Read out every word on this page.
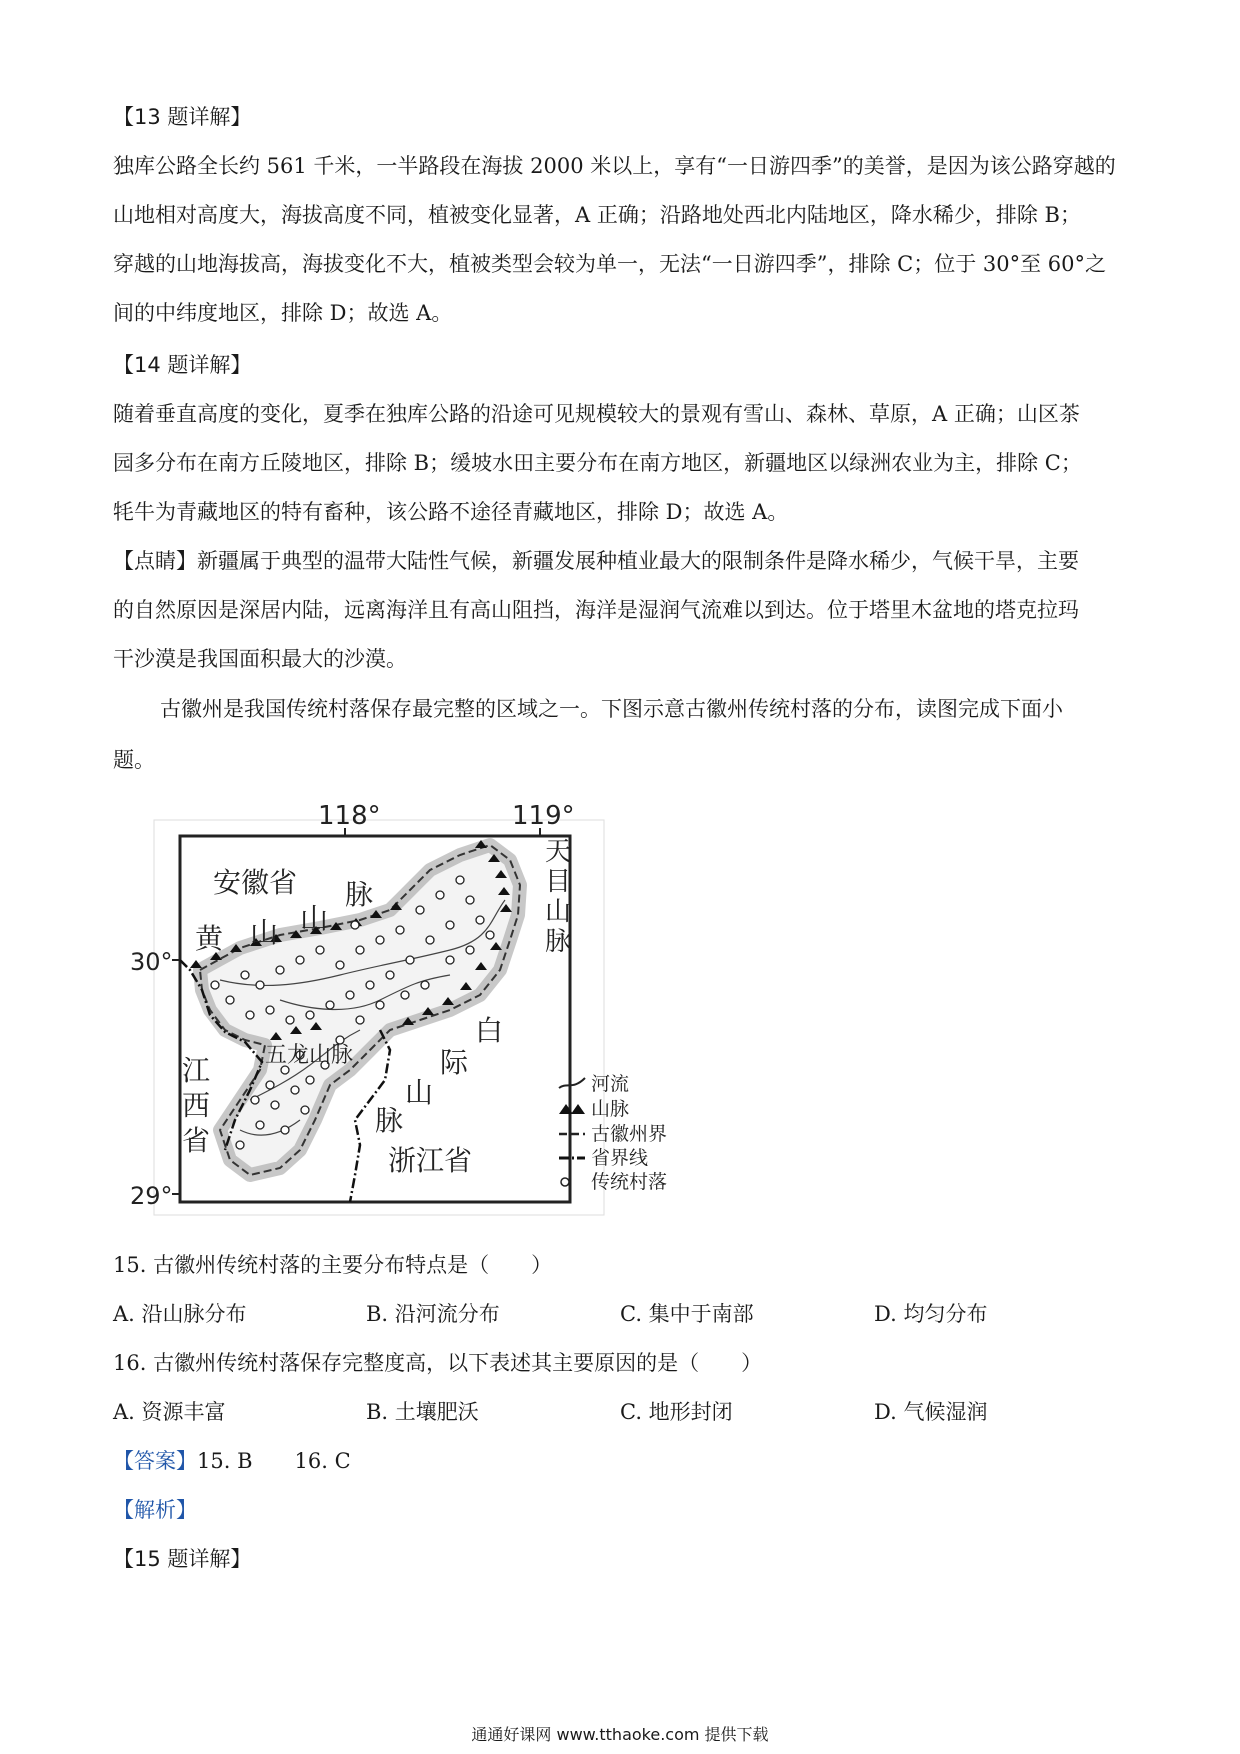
【13 题详解】
独库公路全长约 561 千米，一半路段在海拔 2000 米以上，享有“一日游四季”的美誉，是因为该公路穿越的
山地相对高度大，海拔高度不同，植被变化显著，A 正确；沿路地处西北内陆地区，降水稀少，排除 B；
穿越的山地海拔高，海拔变化不大，植被类型会较为单一，无法“一日游四季”，排除 C；位于 30°至 60°之
间的中纬度地区，排除 D；故选 A。
【14 题详解】
随着垂直高度的变化，夏季在独库公路的沿途可见规模较大的景观有雪山、森林、草原，A 正确；山区茶
园多分布在南方丘陵地区，排除 B；缓坡水田主要分布在南方地区，新疆地区以绿洲农业为主，排除 C；
牦牛为青藏地区的特有畜种，该公路不途径青藏地区，排除 D；故选 A。
【点睛】新疆属于典型的温带大陆性气候，新疆发展种植业最大的限制条件是降水稀少，气候干旱，主要
的自然原因是深居内陆，远离海洋且有高山阻挡，海洋是湿润气流难以到达。位于塔里木盆地的塔克拉玛
干沙漠是我国面积最大的沙漠。
古徽州是我国传统村落保存最完整的区域之一。下图示意古徽州传统村落的分布，读图完成下面小
题。
118°	119°
30°
29°
安徽省
黄 山 山
脉
天
目
山
脉
江
西
省
五龙山脉
白
际
山
脉
浙江省
河流
山脉
古徽州界
省界线
传统村落
15. 古徽州传统村落的主要分布特点是（　　）
A. 沿山脉分布	B. 沿河流分布	C. 集中于南部	D. 均匀分布
16. 古徽州传统村落保存完整度高，以下表述其主要原因的是（　　）
A. 资源丰富	B. 土壤肥沃	C. 地形封闭	D. 气候湿润
【答案】15. B　　16. C
【解析】
【15 题详解】
通通好课网 www.tthaoke.com 提供下载
